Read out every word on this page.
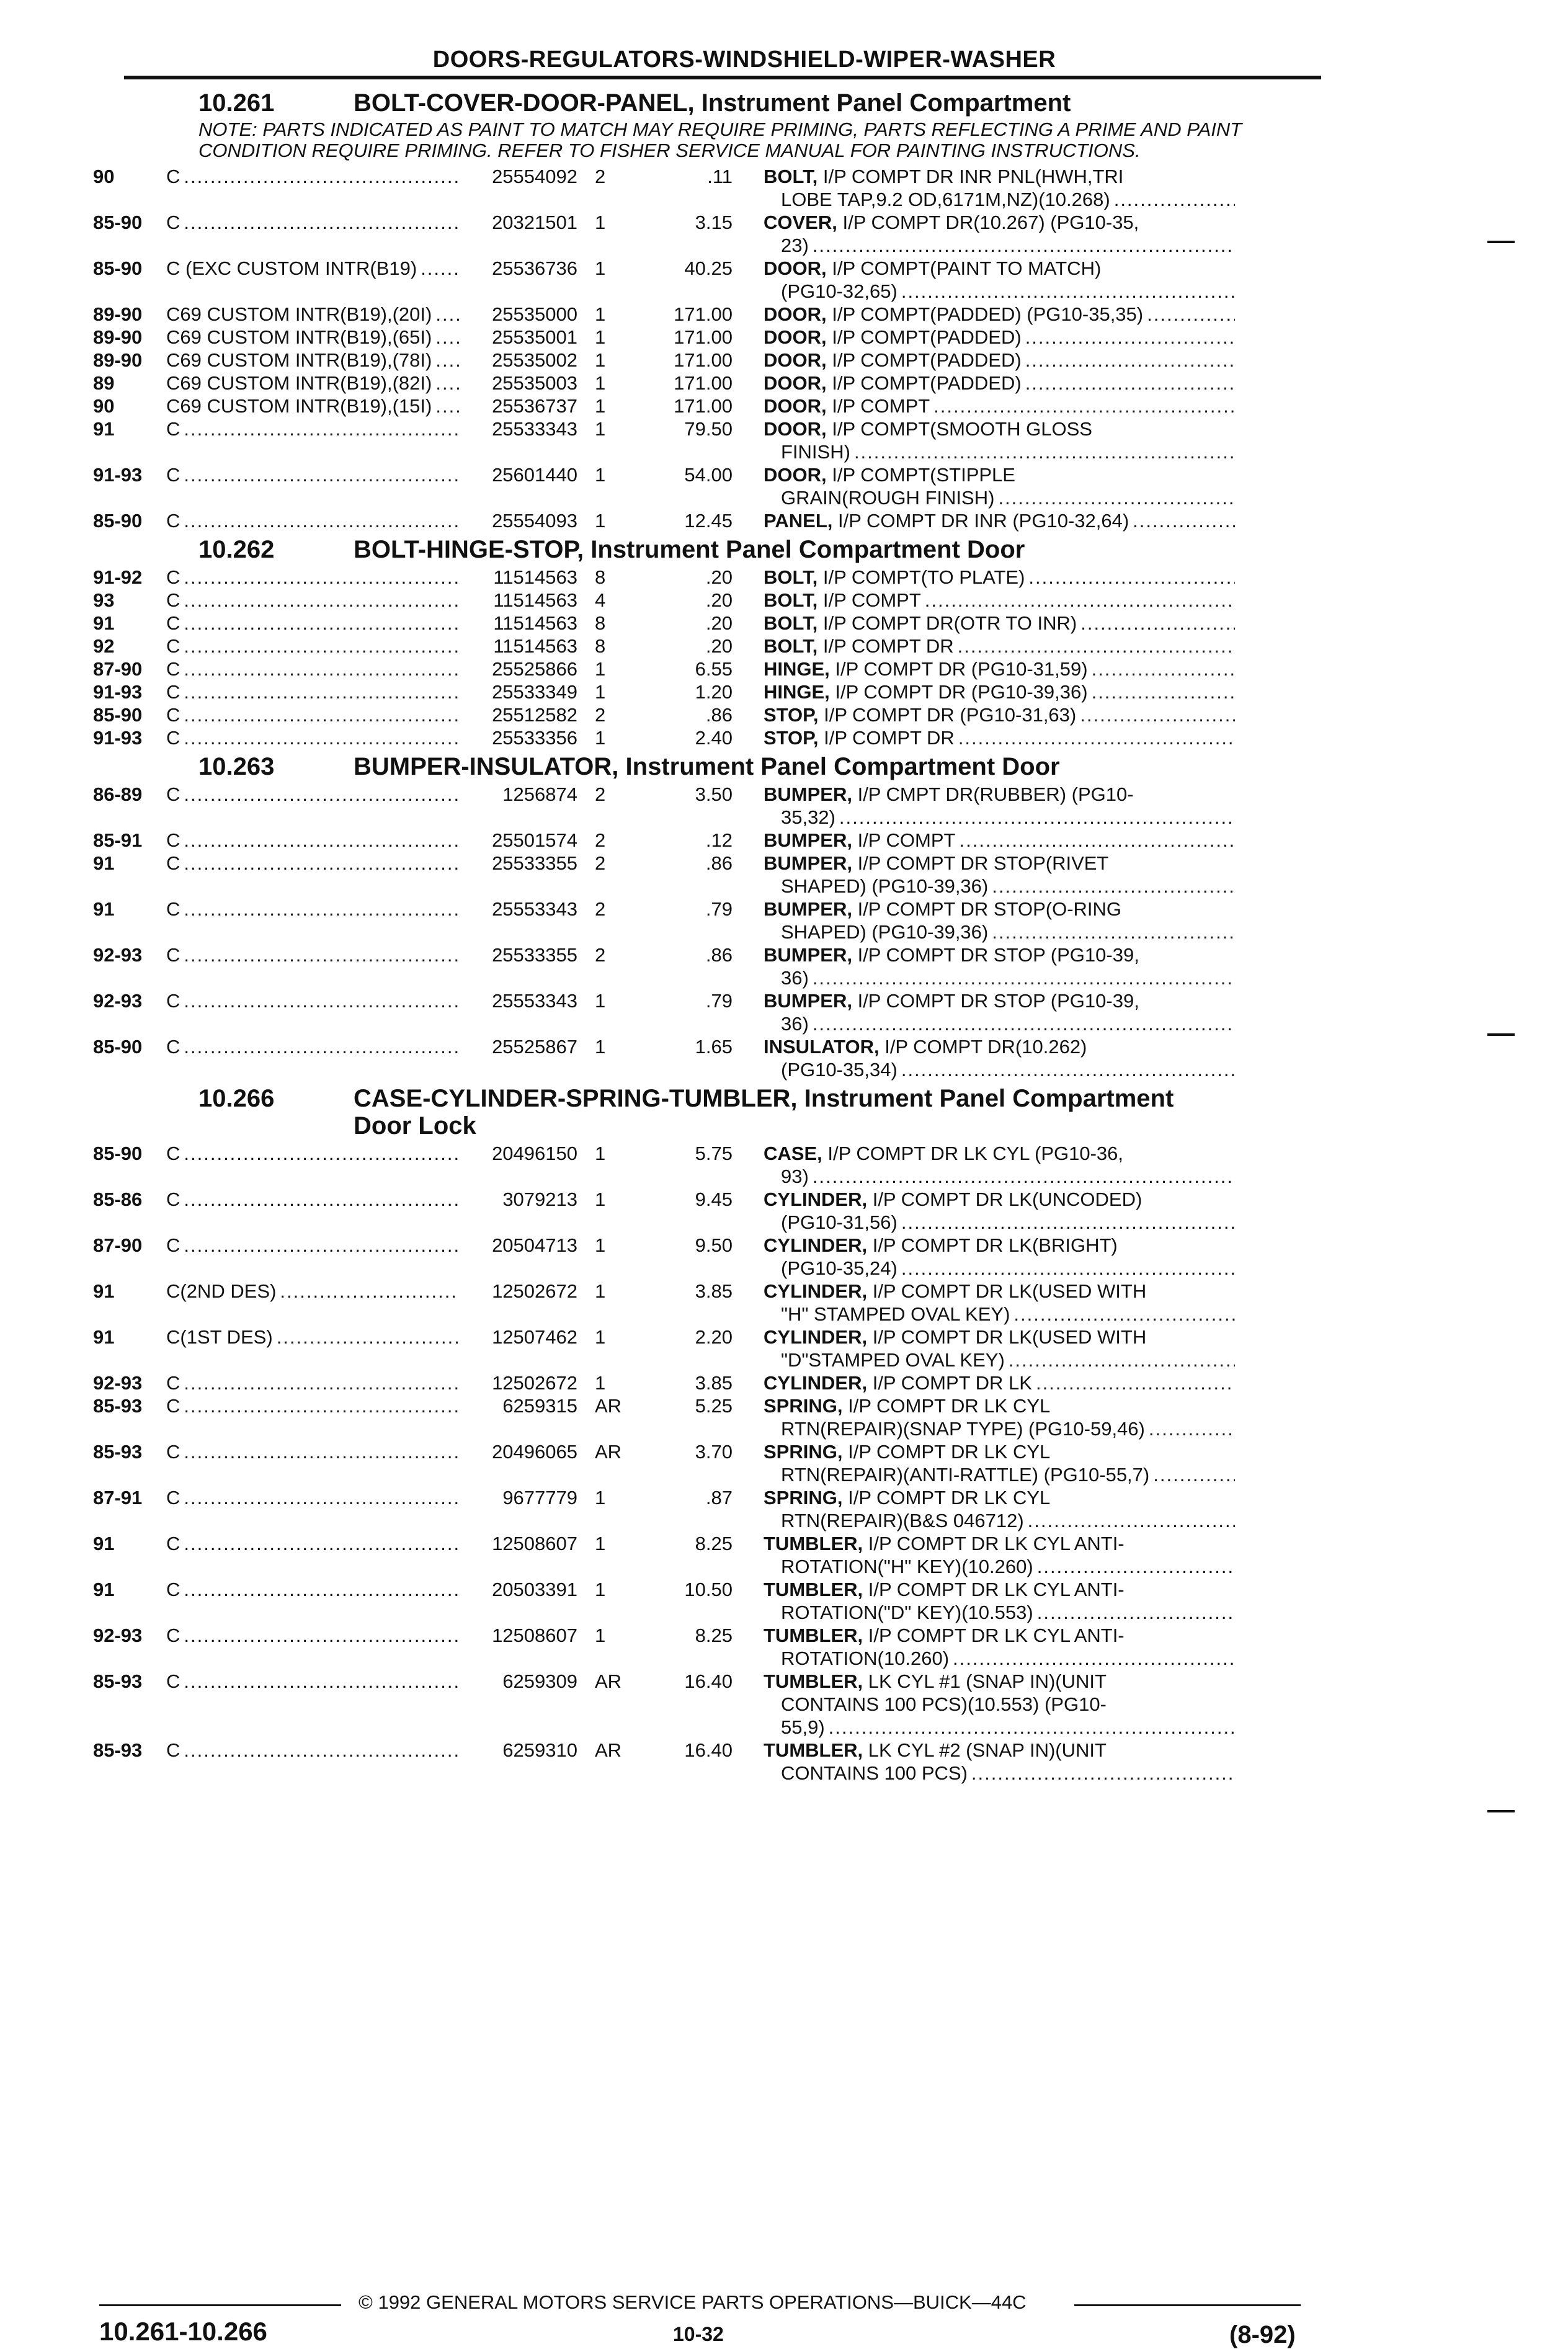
DOORS-REGULATORS-WINDSHIELD-WIPER-WASHER
10.261	BOLT-COVER-DOOR-PANEL, Instrument Panel Compartment
NOTE: PARTS INDICATED AS PAINT TO MATCH MAY REQUIRE PRIMING, PARTS REFLECTING A PRIME AND PAINT CONDITION REQUIRE PRIMING. REFER TO FISHER SERVICE MANUAL FOR PAINTING INSTRUCTIONS.
90	C .....	25554092 2	.11 BOLT, I/P COMPT DR INR PNL(HWH,TRI
LOBE TAP,9.2 OD,6171M,NZ)(10.268)
.....
85-90	C .....	20321501 1	3.15 COVER, I/P COMPT DR(10.267) (PG10-35,
23)
.....
85-90	C (EXC CUSTOM INTR(B19) .....	25536736 1	40.25 DOOR, I/P COMPT(PAINT TO MATCH)
(PG10-32,65)
.....
89-90	C69 CUSTOM INTR(B19),(20I) .....	25535000 1	171.00 DOOR, I/P COMPT(PADDED) (PG10-35,35)
.....
89-90	C69 CUSTOM INTR(B19),(65I) .....	25535001 1	171.00 DOOR, I/P COMPT(PADDED)
.....
89-90	C69 CUSTOM INTR(B19),(78I) .....	25535002 1	171.00 DOOR, I/P COMPT(PADDED)
.....
89	C69 CUSTOM INTR(B19),(82I) .....	25535003 1	171.00 DOOR, I/P COMPT(PADDED)
.....
90	C69 CUSTOM INTR(B19),(15I) .....	25536737 1	171.00 DOOR, I/P COMPT
.....
91	C .....	25533343 1	79.50 DOOR, I/P COMPT(SMOOTH GLOSS
FINISH)
.....
91-93	C .....	25601440 1	54.00 DOOR, I/P COMPT(STIPPLE
GRAIN(ROUGH FINISH)
.....
85-90	C .....	25554093 1	12.45 PANEL, I/P COMPT DR INR (PG10-32,64)
.....
10.262	BOLT-HINGE-STOP, Instrument Panel Compartment Door
91-92	C .....	11514563 8	.20 BOLT, I/P COMPT(TO PLATE)
.....
93	C .....	11514563 4	.20 BOLT, I/P COMPT
.....
91	C .....	11514563 8	.20 BOLT, I/P COMPT DR(OTR TO INR)
.....
92	C .....	11514563 8	.20 BOLT, I/P COMPT DR
.....
87-90	C .....	25525866 1	6.55 HINGE, I/P COMPT DR (PG10-31,59)
.....
91-93	C .....	25533349 1	1.20 HINGE, I/P COMPT DR (PG10-39,36)
.....
85-90	C .....	25512582 2	.86 STOP, I/P COMPT DR (PG10-31,63)
.....
91-93	C .....	25533356 1	2.40 STOP, I/P COMPT DR
.....
10.263	BUMPER-INSULATOR, Instrument Panel Compartment Door
86-89	C .....	1256874 2	3.50 BUMPER, I/P CMPT DR(RUBBER) (PG10-
35,32)
.....
85-91	C .....	25501574 2	.12 BUMPER, I/P COMPT
.....
91	C .....	25533355 2	.86 BUMPER, I/P COMPT DR STOP(RIVET
SHAPED) (PG10-39,36)
.....
91	C .....	25553343 2	.79 BUMPER, I/P COMPT DR STOP(O-RING
SHAPED) (PG10-39,36)
.....
92-93	C .....	25533355 2	.86 BUMPER, I/P COMPT DR STOP (PG10-39,
36)
.....
92-93	C .....	25553343 1	.79 BUMPER, I/P COMPT DR STOP (PG10-39,
36)
.....
85-90	C .....	25525867 1	1.65 INSULATOR, I/P COMPT DR(10.262)
(PG10-35,34)
.....
10.266	CASE-CYLINDER-SPRING-TUMBLER, Instrument Panel Compartment
Door Lock
85-90	C .....	20496150 1	5.75 CASE, I/P COMPT DR LK CYL (PG10-36,
93)
.....
85-86	C .....	3079213 1	9.45 CYLINDER, I/P COMPT DR LK(UNCODED)
(PG10-31,56)
.....
87-90	C .....	20504713 1	9.50 CYLINDER, I/P COMPT DR LK(BRIGHT)
(PG10-35,24)
.....
91	C(2ND DES) .....	12502672 1	3.85 CYLINDER, I/P COMPT DR LK(USED WITH
"H" STAMPED OVAL KEY)
.....
91	C(1ST DES) .....	12507462 1	2.20 CYLINDER, I/P COMPT DR LK(USED WITH
"D"STAMPED OVAL KEY)
.....
92-93	C .....	12502672 1	3.85 CYLINDER, I/P COMPT DR LK
.....
85-93	C .....	6259315 AR	5.25 SPRING, I/P COMPT DR LK CYL
RTN(REPAIR)(SNAP TYPE) (PG10-59,46)
.....
85-93	C .....	20496065 AR	3.70 SPRING, I/P COMPT DR LK CYL
RTN(REPAIR)(ANTI-RATTLE) (PG10-55,7)
.....
87-91	C .....	9677779 1	.87 SPRING, I/P COMPT DR LK CYL
RTN(REPAIR)(B&S 046712)
.....
91	C .....	12508607 1	8.25 TUMBLER, I/P COMPT DR LK CYL ANTI-
ROTATION("H" KEY)(10.260)
.....
91	C .....	20503391 1	10.50 TUMBLER, I/P COMPT DR LK CYL ANTI-
ROTATION("D" KEY)(10.553)
.....
92-93	C .....	12508607 1	8.25 TUMBLER, I/P COMPT DR LK CYL ANTI-
ROTATION(10.260)
.....
85-93	C .....	6259309 AR	16.40 TUMBLER, LK CYL #1 (SNAP IN)(UNIT
CONTAINS 100 PCS)(10.553) (PG10-
55,9)
.....
85-93	C .....	6259310 AR	16.40 TUMBLER, LK CYL #2 (SNAP IN)(UNIT
CONTAINS 100 PCS)
.....
© 1992 GENERAL MOTORS SERVICE PARTS OPERATIONS—BUICK—44C
10.261-10.266	10-32	(8-92)
